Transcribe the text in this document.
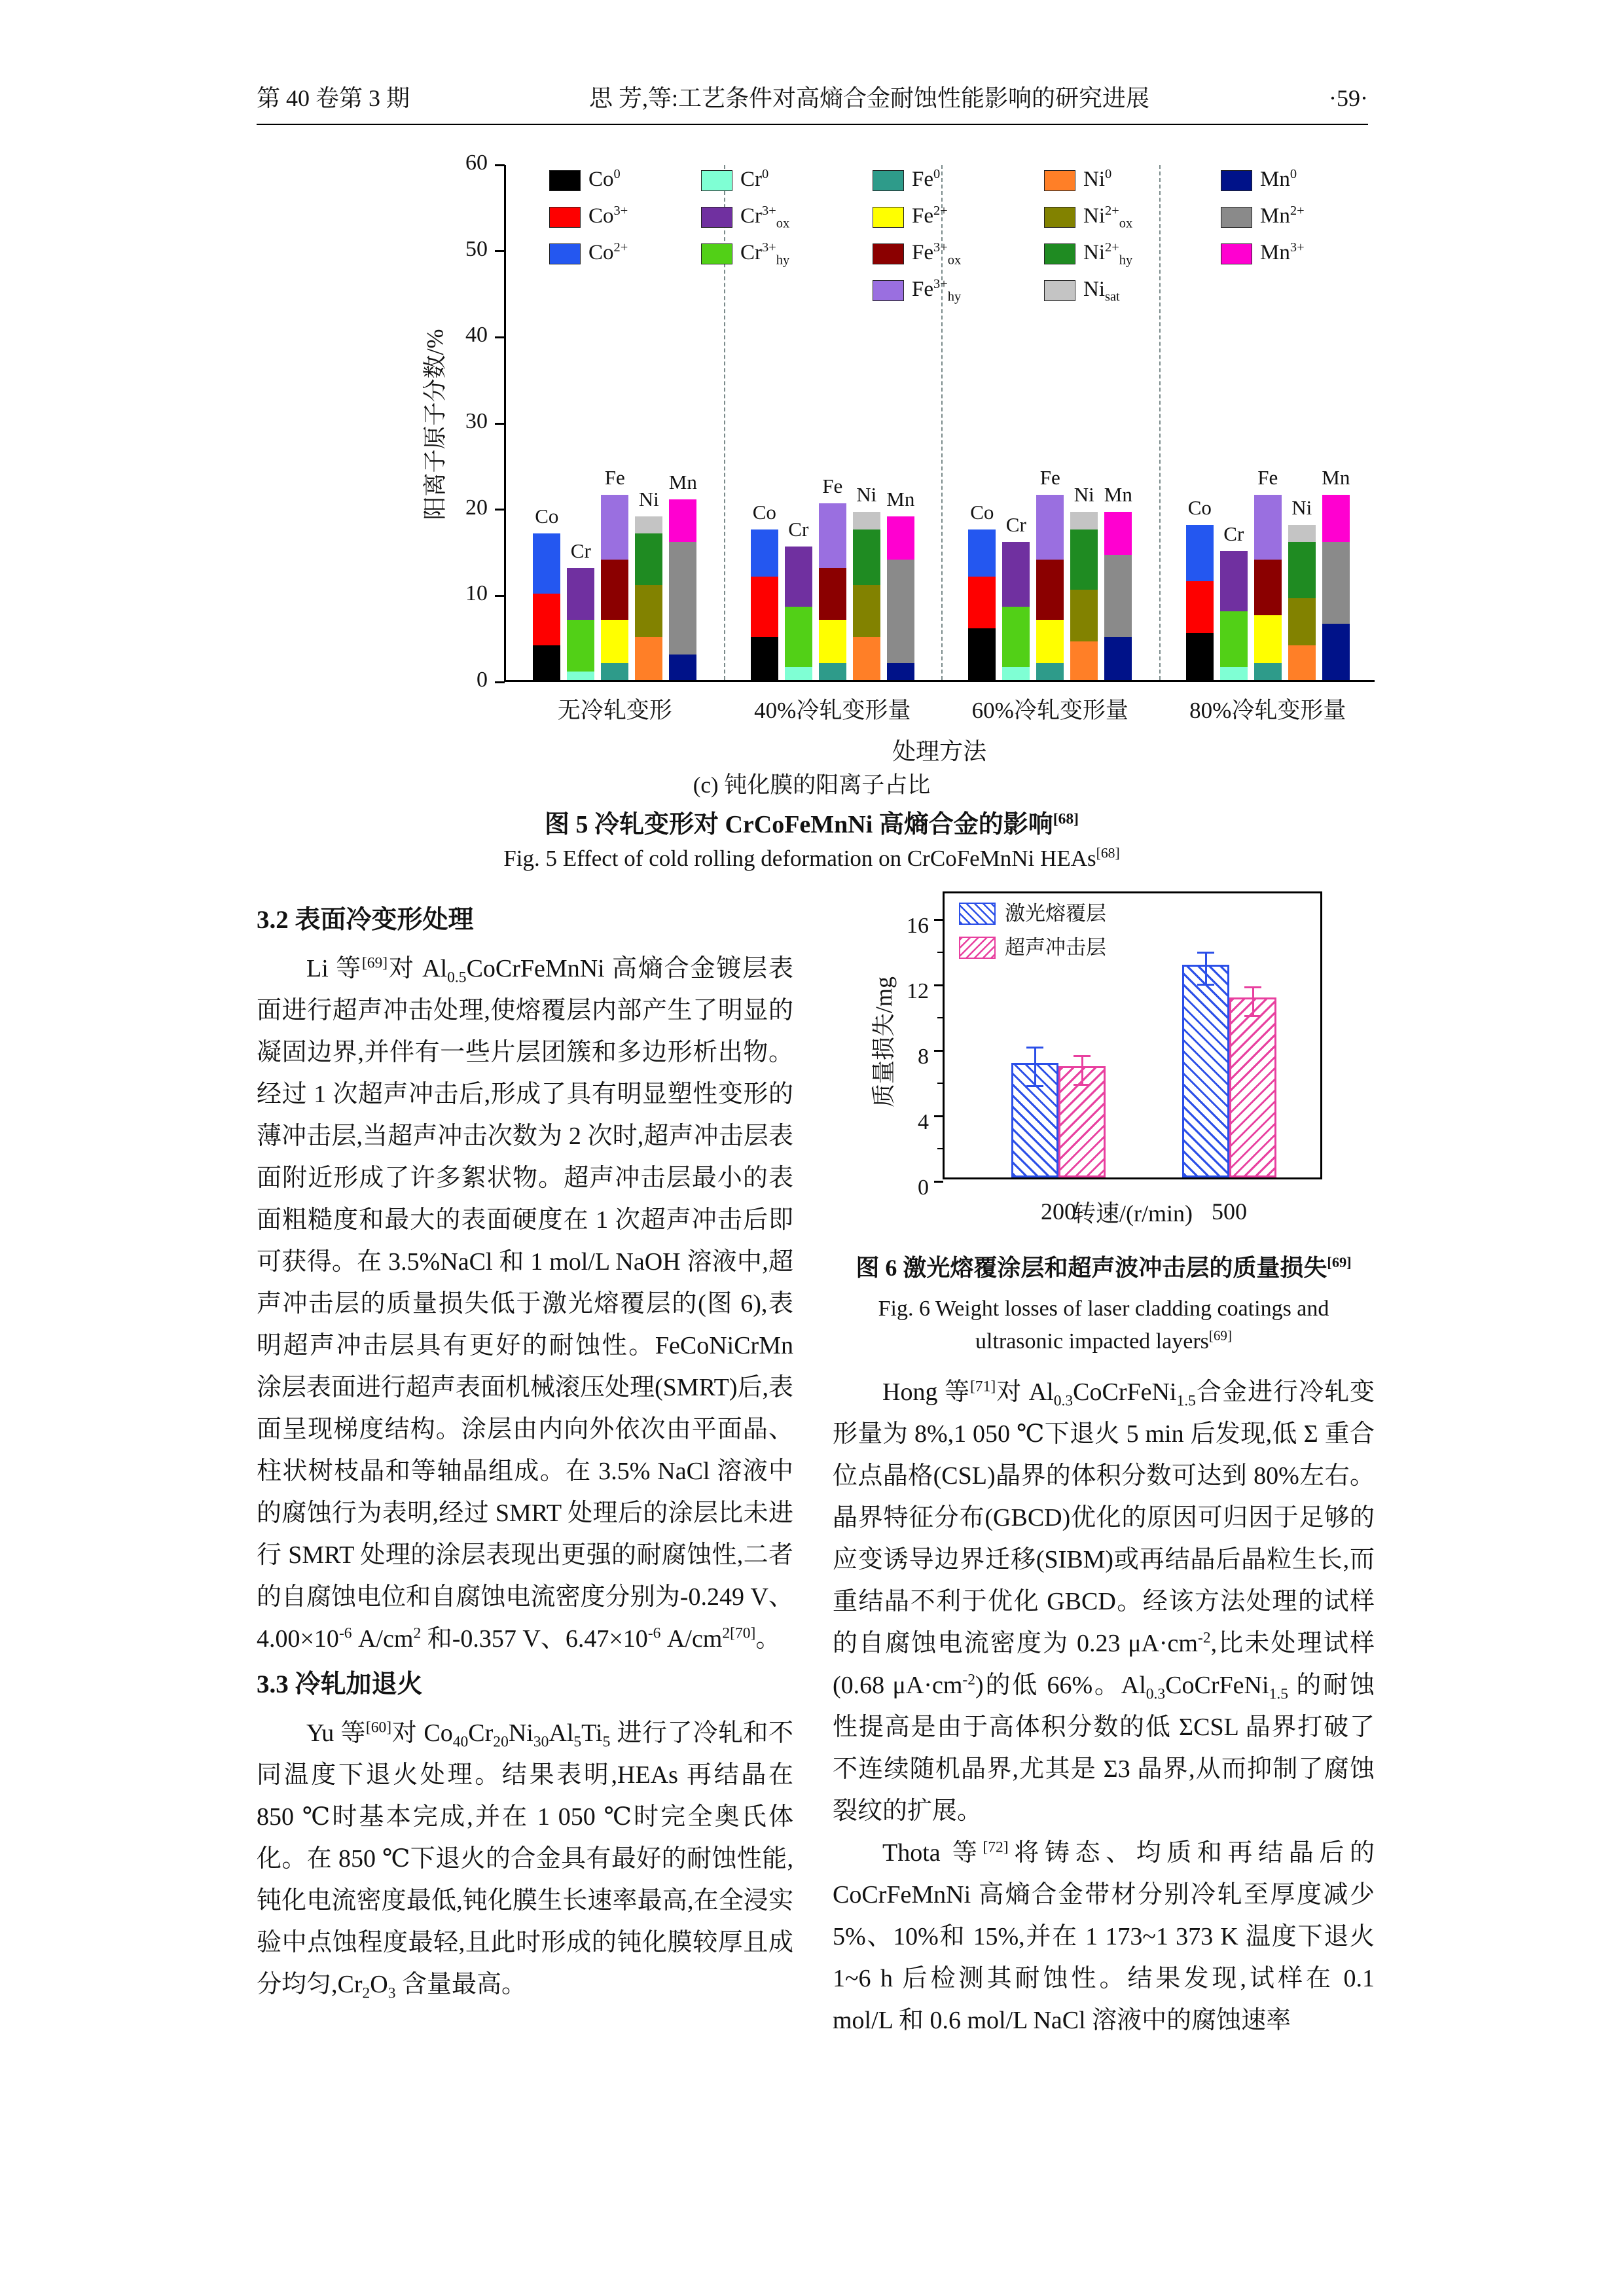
第 40 卷第 3 期	思 芳,等:工艺条件对高熵合金耐蚀性能影响的研究进展	·59·
阳离子原子分数/%
0
10
20
30
40
50
60
Co
Cr
Fe
Ni
Mn
无冷轧变形
Co
Cr
Fe Ni Mn
40%冷轧变形量
Co
Cr
Fe
Ni Mn
60%冷轧变形量
Co
Cr
Fe
Ni
Mn
80%冷轧变形量
Co$^0$
$Co^{3+}$
$Co^{2+}$
Cr$^0$
$Cr^{3+}_{ox}$
$Cr^{3+}_{hy}$
Fe$^0$
$Fe^{2+}$
$Fe^{3+}_{ox}$
$Fe^{3+}_{hy}$
Ni$^0$
$Ni^{2+}_{ox}$
$Ni^{2+}_{hy}$
$Ni_{sat}$
Mn$^0$
$Mn^{2+}$
$Mn^{3+}$
处理方法
(c) 钝化膜的阳离子占比
图 5 冷轧变形对 CrCoFeMnNi 高熵合金的影响[68]
Fig. 5 Effect of cold rolling deformation on CrCoFeMnNi HEAs[68]
3.2 表面冷变形处理

Li 等[69]对 $Al_{0.5}CoCrFeMnNi$ 高熵合金镀层表面进行超声冲击处理,使熔覆层内部产生了明显的凝固边界,并伴有一些片层团簇和多边形析出物。经过 1 次超声冲击后,形成了具有明显塑性变形的薄冲击层,当超声冲击次数为 2 次时,超声冲击层表面附近形成了许多絮状物。超声冲击层最小的表面粗糙度和最大的表面硬度在 1 次超声冲击后即可获得。在 3.5%NaCl 和 1 mol/L NaOH 溶液中,超声冲击层的质量损失低于激光熔覆层的(图 6),表明超声冲击层具有更好的耐蚀性。FeCoNiCrMn 涂层表面进行超声表面机械滚压处理(SMRT)后,表面呈现梯度结构。涂层由内向外依次由平面晶、柱状树枝晶和等轴晶组成。在 3.5% NaCl 溶液中的腐蚀行为表明,经过 SMRT 处理后的涂层比未进行 SMRT 处理的涂层表现出更强的耐腐蚀性,二者的自腐蚀电位和自腐蚀电流密度分别为-0.249 V、$4.00\times 10^{-6}$ $A/cm^2$ 和-0.357 V、$6.47\times 10^{-6}$ $A/cm^{2[70]}$。

3.3 冷轧加退火

Yu 等[60]对 $Co_{40}Cr_{20}Ni_{30}Al_5Ti_5$ 进行了冷轧和不同温度下退火处理。结果表明,HEAs 再结晶在 850 ℃时基本完成,并在 1 050 ℃时完全奥氏体化。在 850 ℃下退火的合金具有最好的耐蚀性能,钝化电流密度最低,钝化膜生长速率最高,在全浸实验中点蚀程度最轻,且此时形成的钝化膜较厚且成分均匀$,Cr_2O_3$ 含量最高。

质量损失/mg
0
4
8
12
16
200	500
激光熔覆层
超声冲击层
转速/(r/min)
图 6 激光熔覆涂层和超声波冲击层的质量损失[69]
Fig. 6 Weight losses of laser cladding coatings and
ultrasonic impacted layers[69]

Hong 等[71]对 $Al_{0.3}CoCrFeNi_{1.5}$合金进行冷轧变形量为 8%,1 050 ℃下退火 5 min 后发现,低 Σ 重合位点晶格(CSL)晶界的体积分数可达到 80%左右。晶界特征分布(GBCD)优化的原因可归因于足够的应变诱导边界迁移(SIBM)或再结晶后晶粒生长,而重结晶不利于优化 GBCD。经该方法处理的试样的自腐蚀电流密度为 0.23 $\mu A\cdot cm^{-2}$,比未处理试样(0.68 $\mu A\cdot cm^{-2}$)的低 66%。$Al_{0.3}CoCrFeNi_{1.5}$ 的耐蚀性提高是由于高体积分数的低 ΣCSL 晶界打破了不连续随机晶界,尤其是 Σ3 晶界,从而抑制了腐蚀裂纹的扩展。

Thota 等[72]将铸态、均质和再结晶后的 CoCrFeMnNi 高熵合金带材分别冷轧至厚度减少 5%、10%和 15%,并在 1 173~1 373 K 温度下退火 1~6 h 后检测其耐蚀性。结果发现,试样在 0.1 mol/L 和 0.6 mol/L NaCl 溶液中的腐蚀速率
